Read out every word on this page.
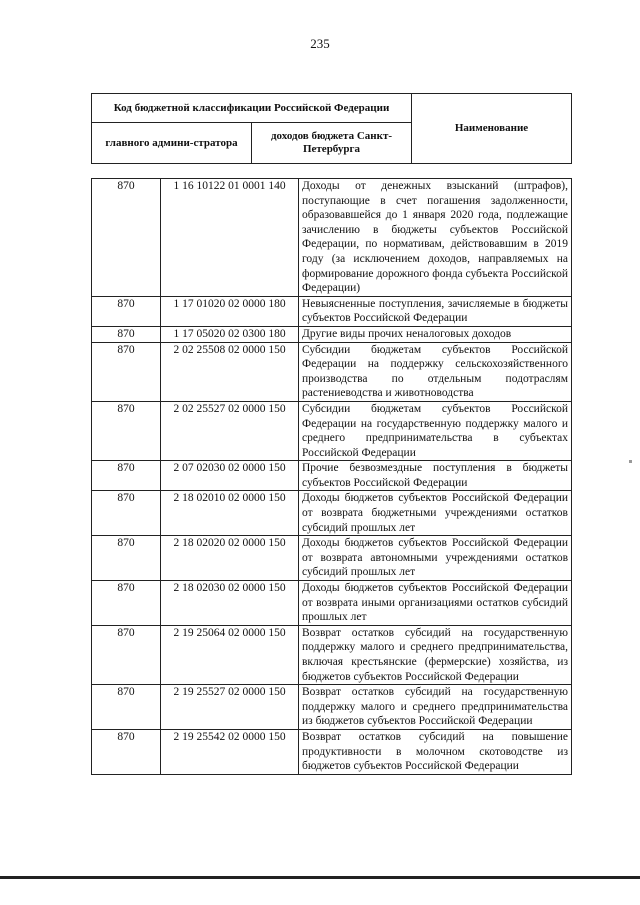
235
Код бюджетной классификации Российской Федерации		Наименование
главного админи-стратора	доходов бюджета Санкт-Петербурга	
870	1 16 10122 01 0001 140	Доходы от денежных взысканий (штрафов), поступающие в счет погашения задолженности, образовавшейся до 1 января 2020 года, подлежащие зачислению в бюджеты субъектов Российской Федерации, по нормативам, действовавшим в 2019 году (за исключением доходов, направляемых на формирование дорожного фонда субъекта Российской Федерации)
870	1 17 01020 02 0000 180	Невыясненные поступления, зачисляемые в бюджеты субъектов Российской Федерации
870	1 17 05020 02 0300 180	Другие виды прочих неналоговых доходов
870	2 02 25508 02 0000 150	Субсидии бюджетам субъектов Российской Федерации на поддержку сельскохозяйственного производства по отдельным подотраслям растениеводства и животноводства
870	2 02 25527 02 0000 150	Субсидии бюджетам субъектов Российской Федерации на государственную поддержку малого и среднего предпринимательства в субъектах Российской Федерации
870	2 07 02030 02 0000 150	Прочие безвозмездные поступления в бюджеты субъектов Российской Федерации
870	2 18 02010 02 0000 150	Доходы бюджетов субъектов Российской Федерации от возврата бюджетными учреждениями остатков субсидий прошлых лет
870	2 18 02020 02 0000 150	Доходы бюджетов субъектов Российской Федерации от возврата автономными учреждениями остатков субсидий прошлых лет
870	2 18 02030 02 0000 150	Доходы бюджетов субъектов Российской Федерации от возврата иными организациями остатков субсидий прошлых лет
870	2 19 25064 02 0000 150	Возврат остатков субсидий на государственную поддержку малого и среднего предпринимательства, включая крестьянские (фермерские) хозяйства, из бюджетов субъектов Российской Федерации
870	2 19 25527 02 0000 150	Возврат остатков субсидий на государственную поддержку малого и среднего предпринимательства из бюджетов субъектов Российской Федерации
870	2 19 25542 02 0000 150	Возврат остатков субсидий на повышение продуктивности в молочном скотоводстве из бюджетов субъектов Российской Федерации
